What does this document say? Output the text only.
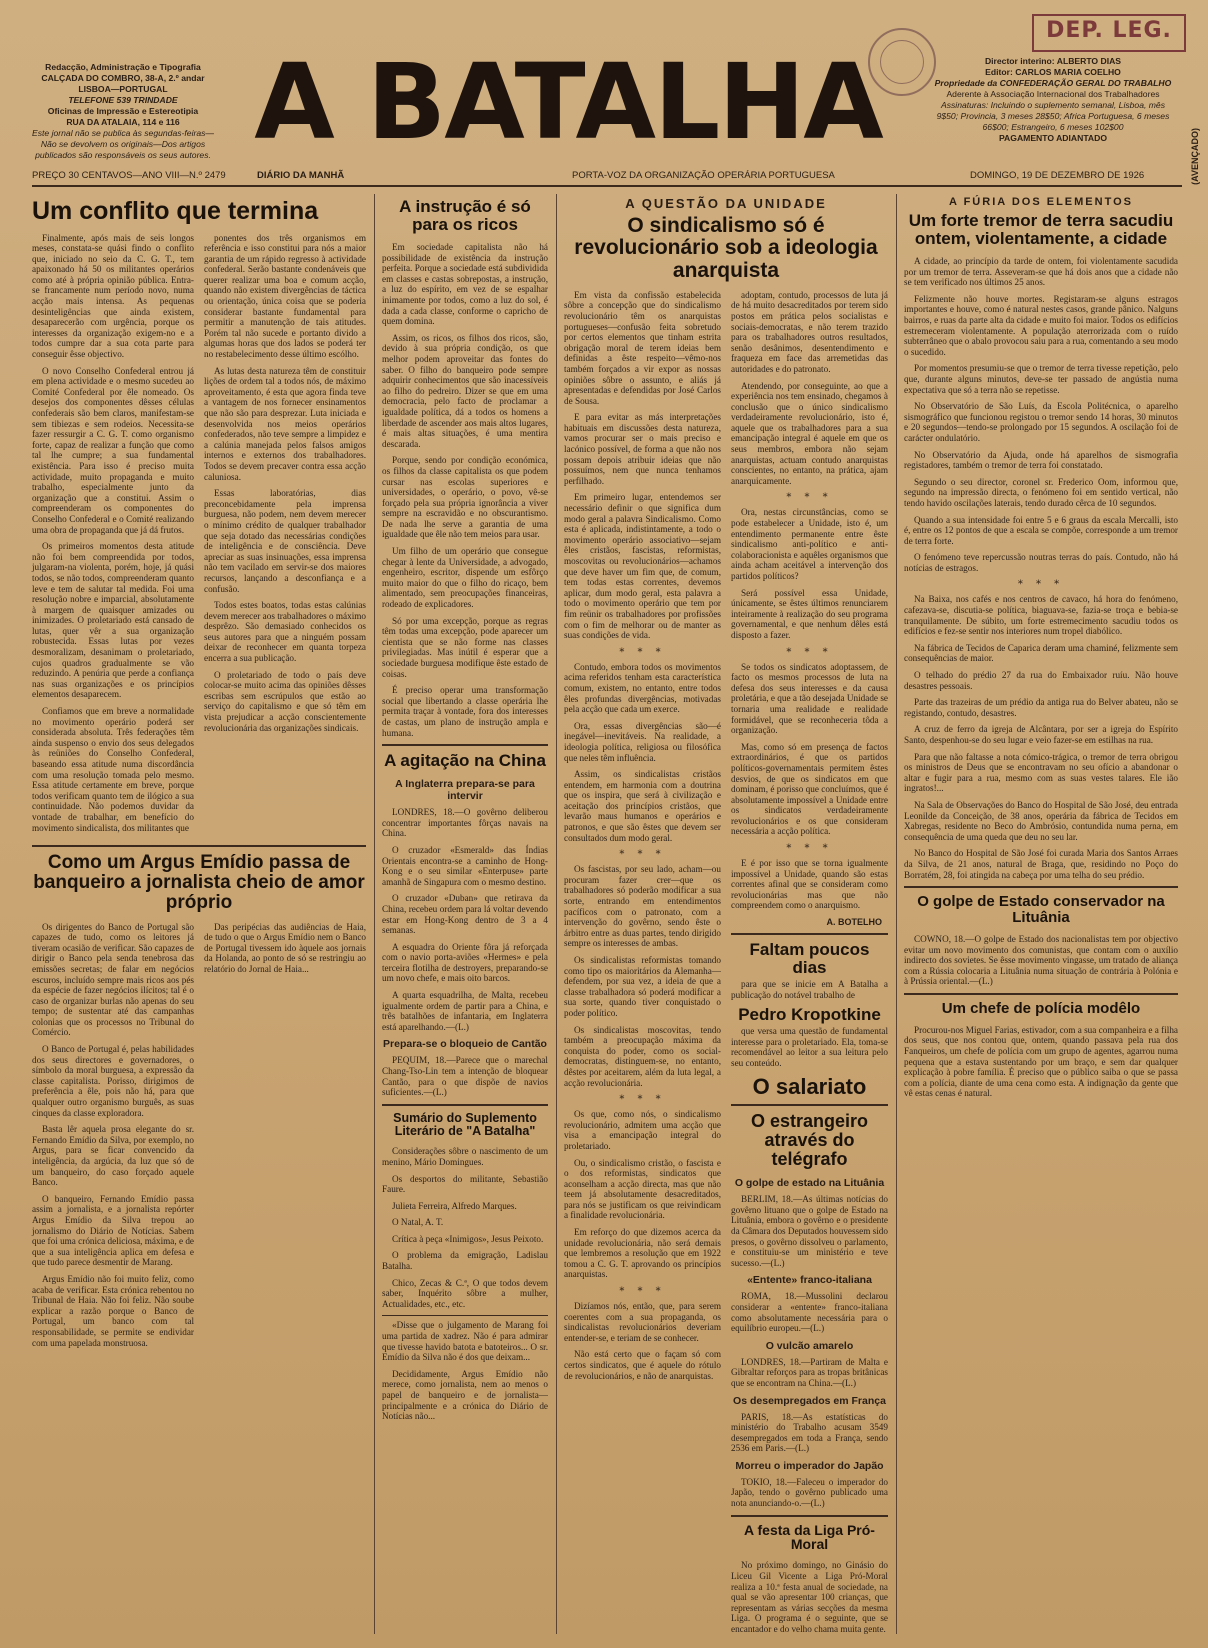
DEP. LEG.
Redacção, Administração e Tipografia
CALÇADA DO COMBRO, 38-A, 2.º andar
LISBOA—PORTUGAL
TELEFONE 539 TRINDADE
Oficinas de Impressão e Estereotipia
RUA DA ATALAIA, 114 e 116
Este jornal não se publica às segundas-feiras—Não se devolvem os originais—Dos artigos publicados são responsáveis os seus autores. A BATALHA	Director interino: ALBERTO DIAS
Editor: CARLOS MARIA COELHO
Propriedade da CONFEDERAÇÃO GERAL DO TRABALHO
Aderente à Associação Internacional dos Trabalhadores
Assinaturas: Incluindo o suplemento semanal, Lisboa, mês 9$50; Provincia, 3 meses 28$50; Africa Portuguesa, 6 meses 66$00; Estrangeiro, 6 meses 102$00
PAGAMENTO ADIANTADO	(AVENÇADO)
PREÇO 30 CENTAVOS—ANO VIII—N.º 2479	DIÁRIO DA MANHÃ	PORTA-VOZ DA ORGANIZAÇÃO OPERÁRIA PORTUGUESA	DOMINGO, 19 DE DEZEMBRO DE 1926
Um conflito que termina

Finalmente, após mais de seis longos meses, constata-se quási findo o conflito que, iniciado no seio da C. G. T., tem apaixonado há 50 os militantes operários como até à própria opinião pública. Entra-se francamente num período novo, numa acção mais intensa. As pequenas desinteligências que ainda existem, desaparecerão com urgência, porque os interesses da organização exigem-no e a todos cumpre dar a sua cota parte para conseguir êsse objectivo.

O novo Conselho Confederal entrou já em plena actividade e o mesmo sucedeu ao Comité Confederal por êle nomeado. Os desejos dos componentes dêsses células confederais são bem claros, manifestam-se sem tibiezas e sem rodeios. Necessita-se fazer ressurgir a C. G. T. como organismo forte, capaz de realizar a função que como tal lhe cumpre; a sua fundamental existência. Para isso é preciso muita actividade, muito propaganda e muito trabalho, especialmente junto da organização que a constitui. Assim o compreenderam os componentes do Conselho Confederal e o Comité realizando uma obra de propaganda que já dá frutos.

Os primeiros momentos desta atitude não foi bem compreendida por todos, julgaram-na violenta, porém, hoje, já quási todos, se não todos, compreenderam quanto leve e tem de salutar tal medida. Foi uma resolução nobre e imparcial, absolutamente à margem de quaisquer amizades ou inimizades. O proletariado está cansado de lutas, quer vêr a sua organização robustecida. Essas lutas por vezes desmoralizam, desanimam o proletariado, cujos quadros gradualmente se vão reduzindo. A penúria que perde a confiança nas suas organizações e os princípios elementos desaparecem.

Confiamos que em breve a normalidade no movimento operário poderá ser considerada absoluta. Três federações têm ainda suspenso o envio dos seus delegados às reüniões do Conselho Confederal, baseando essa atitude numa discordância com uma resolução tomada pelo mesmo. Essa atitude certamente em breve, porque todos verificam quanto tem de ilógico a sua continuidade. Não podemos duvidar da vontade de trabalhar, em benefício do movimento sindicalista, dos militantes que

ponentes dos três organismos em referência e isso constitui para nós a maior garantia de um rápido regresso à actividade confederal. Serão bastante condenáveis que querer realizar uma boa e comum acção, quando não existem divergências de táctica ou orientação, única coisa que se poderia considerar bastante fundamental para permitir a manutenção de tais atitudes. Porém tal não sucede e portanto divido a algumas horas que dos lados se poderá ter no restabelecimento desse último escólho.

As lutas desta natureza têm de constituir lições de ordem tal a todos nós, de máximo aproveitamento, é esta que agora finda teve a vantagem de nos fornecer ensinamentos que não são para desprezar. Luta iniciada e desenvolvida nos meios operários confederados, não teve sempre a limpidez e a calúnia manejada pelos falsos amigos internos e externos dos trabalhadores. Todos se devem precaver contra essa acção caluniosa.

Essas laboratórias, dias preconcebidamente pela imprensa burguesa, não podem, nem devem merecer o mínimo crédito de qualquer trabalhador que seja dotado das necessárias condições de inteligência e de consciência. Deve apreciar as suas insinuações, essa imprensa não tem vacilado em servir-se dos maiores recursos, lançando a desconfiança e a confusão.

Todos estes boatos, todas estas calúnias devem merecer aos trabalhadores o máximo desprêzo. São demasiado conhecidos os seus autores para que a ninguém possam deixar de reconhecer em quanta torpeza encerra a sua publicação.

O proletariado de todo o país deve colocar-se muito acima das opiniões dêsses escribas sem escrúpulos que estão ao serviço do capitalismo e que só têm em vista prejudicar a acção conscientemente revolucionária das organizações sindicais.

Como um Argus Emídio passa de banqueiro a jornalista cheio de amor próprio

Os dirigentes do Banco de Portugal são capazes de tudo, como os leitores já tiveram ocasião de verificar. São capazes de dirigir o Banco pela senda tenebrosa das emissões secretas; de falar em negócios escuros, incluído sempre mais ricos aos pés da espécie de fazer negócios ilícitos; tal é o caso de organizar burlas não apenas do seu tempo; de sustentar até das campanhas colonias que os processos no Tribunal do Comércio.

O Banco de Portugal é, pelas habilidades dos seus directores e governadores, o símbolo da moral burguesa, a expressão da classe capitalista. Porisso, dirigimos de preferência a êle, pois não há, para que qualquer outro organismo burguês, as suas cinques da classe exploradora.

Basta lêr aquela prosa elegante do sr. Fernando Emídio da Silva, por exemplo, no Argus, para se ficar convencido da inteligência, da argúcia, da luz que só de um banqueiro, do caso forçado aquele Banco.

O banqueiro, Fernando Emídio passa assim a jornalista, e a jornalista repórter Argus Emídio da Silva trepou ao jornalismo do Diário de Notícias. Sabem que foi uma crónica deliciosa, máxima, e de que a sua inteligência aplica em defesa e que tudo parece desmentir de Marang.

Argus Emídio não foi muito feliz, como acaba de verificar. Esta crónica rebentou no Tribunal de Haia. Não foi feliz. Não soube explicar a razão porque o Banco de Portugal, um banco com tal responsabilidade, se permite se endividar com uma papelada monstruosa.

Das peripécias das audiências de Haia, de tudo o que o Argus Emídio nem o Banco de Portugal tivessem ido àquele aos jornais da Holanda, ao ponto de só se restringiu ao relatório do Jornal de Haia...

A instrução é só para os ricos

Em sociedade capitalista não há possibilidade de existência da instrução perfeita. Porque a sociedade está subdividida em classes e castas sobrepostas, a instrução, a luz do espírito, em vez de se espalhar inimamente por todos, como a luz do sol, é dada a cada classe, conforme o capricho de quem domina.

Assim, os ricos, os filhos dos ricos, são, devido à sua própria condição, os que melhor podem aproveitar das fontes do saber. O filho do banqueiro pode sempre adquirir conhecimentos que são inacessíveis ao filho do pedreiro. Dizer se que em uma democracia, pelo facto de proclamar a igualdade política, dá a todos os homens a liberdade de ascender aos mais altos lugares, é mais altas situações, é uma mentira descarada.

Porque, sendo por condição económica, os filhos da classe capitalista os que podem cursar nas escolas superiores e universidades, o operário, o povo, vê-se forçado pela sua própria ignorância a viver sempre na escravidão e no obscurantismo. De nada lhe serve a garantia de uma igualdade que êle não tem meios para usar.

Um filho de um operário que consegue chegar à lente da Universidade, a advogado, engenheiro, escritor, dispende um esfôrço muito maior do que o filho do ricaço, bem alimentado, sem preocupações financeiras, rodeado de explicadores.

Só por uma excepção, porque as regras têm todas uma excepção, pode aparecer um cientista que se não forme nas classes privilegiadas. Mas inútil é esperar que a sociedade burguesa modifique êste estado de coisas.

É preciso operar uma transformação social que libertando a classe operária lhe permita traçar à vontade, fora dos interesses de castas, um plano de instrução ampla e humana.

A agitação na China
A Inglaterra prepara-se para intervir

LONDRES, 18.—O govêrno deliberou concentrar importantes fôrças navais na China.

O cruzador «Esmerald» das Índias Orientais encontra-se a caminho de Hong-Kong e o seu similar «Enterpuse» parte amanhã de Singapura com o mesmo destino.

O cruzador «Duban» que retirava da China, recebeu ordem para lá voltar devendo estar em Hong-Kong dentro de 3 a 4 semanas.

A esquadra do Oriente fôra já reforçada com o navio porta-aviões «Hermes» e pela terceira flotilha de destroyers, preparando-se um novo chefe, e mais oito barcos.

A quarta esquadrilha, de Malta, recebeu igualmente ordem de partir para a China, e três batalhões de infantaria, em Inglaterra está aparelhando.—(L.)

Prepara-se o bloqueio de Cantão

PEQUIM, 18.—Parece que o marechal Chang-Tso-Lin tem a intenção de bloquear Cantão, para o que dispõe de navios suficientes.—(L.)

Sumário do Suplemento Literário de "A Batalha"

Considerações sôbre o nascimento de um menino, Mário Domingues.

Os desportos do militante, Sebastião Faure.

Julieta Ferreira, Alfredo Marques.

O Natal, A. T.

Crítica à peça «Inimigos», Jesus Peixoto.

O problema da emigração, Ladislau Batalha.

Chico, Zecas & C.ª, O que todos devem saber, Inquérito sôbre a mulher, Actualidades, etc., etc.

«Disse que o julgamento de Marang foi uma partida de xadrez. Não é para admirar que tivesse havido batota e batoteiros... O sr. Emídio da Silva não é dos que deixam...

Decididamente, Argus Emídio não merece, como jornalista, nem ao menos o papel de banqueiro e de jornalista—principalmente e a crónica do Diário de Notícias não...

A QUESTÃO DA UNIDADE
O sindicalismo só é revolucionário sob a ideologia anarquista

Em vista da confissão estabelecida sôbre a concepção que do sindicalismo revolucionário têm os anarquistas portugueses—confusão feita sobretudo por certos elementos que tinham estrita obrigação moral de terem ideias bem definidas a êste respeito—vêmo-nos também forçados a vir expor as nossas opiniões sôbre o assunto, e aliás já apresentadas e defendidas por José Carlos de Sousa.

E para evitar as más interpretações habituais em discussões desta natureza, vamos procurar ser o mais preciso e lacónico possível, de forma a que não nos possam depois atribuir ideias que não possuímos, nem que nunca tenhamos perfilhado.

Em primeiro lugar, entendemos ser necessário definir o que significa dum modo geral a palavra Sindicalismo. Como esta é aplicada, indistintamente, a todo o movimento operário associativo—sejam êles cristãos, fascistas, reformistas, moscovitas ou revolucionários—achamos que deve haver um fim que, de comum, tem todas estas correntes, devemos aplicar, dum modo geral, esta palavra a todo o movimento operário que tem por fim reünir os trabalhadores por profissões com o fim de melhorar ou de manter as suas condições de vida.

* * *

Contudo, embora todos os movimentos acima referidos tenham esta característica comum, existem, no entanto, entre todos êles profundas divergências, motivadas pela acção que cada um exerce.

Ora, essas divergências são—é inegável—inevitáveis. Na realidade, a ideologia política, religiosa ou filosófica que neles têm influência.

Assim, os sindicalistas cristãos entendem, em harmonia com a doutrina que os inspira, que será à civilização e aceitação dos princípios cristãos, que levarão maus humanos e operários e patronos, e que são êstes que devem ser consultados dum modo geral.

* * *

Os fascistas, por seu lado, acham—ou procuram fazer crer—que os trabalhadores só poderão modificar a sua sorte, entrando em entendimentos pacíficos com o patronato, com a intervenção do govêrno, sendo êste o árbitro entre as duas partes, tendo dirigido sempre os interesses de ambas.

Os sindicalistas reformistas tomando como tipo os maioritários da Alemanha—defendem, por sua vez, a ideia de que a classe trabalhadora só poderá modificar a sua sorte, quando tiver conquistado o poder político.

Os sindicalistas moscovitas, tendo também a preocupação máxima da conquista do poder, como os social-democratas, distinguem-se, no entanto, dêstes por aceitarem, além da luta legal, a acção revolucionária.

* * *

Os que, como nós, o sindicalismo revolucionário, admitem uma acção que visa a emancipação integral do proletariado.

Ou, o sindicalismo cristão, o fascista e o dos reformistas, sindicatos que aconselham a acção directa, mas que não teem já absolutamente desacreditados, para nós se justificam os que reivindicam a finalidade revolucionária.

Em reforço do que dizemos acerca da unidade revolucionária, não será demais que lembremos a resolução que em 1922 tomou a C. G. T. aprovando os princípios anarquistas.

* * *

Dizíamos nós, então, que, para serem coerentes com a sua propaganda, os sindicalistas revolucionários deveriam entender-se, e teriam de se conhecer.

Não está certo que o façam só com certos sindicatos, que é aquele do rótulo de revolucionários, e não de anarquistas.

adoptam, contudo, processos de luta já de há muito desacreditados por terem sido postos em prática pelos socialistas e sociais-democratas, e não terem trazido para os trabalhadores outros resultados, senão desânimos, desentendimento e fraqueza em face das arremetidas das autoridades e do patronato.

Atendendo, por conseguinte, ao que a experiência nos tem ensinado, chegamos à conclusão que o único sindicalismo verdadeiramente revolucionário, isto é, aquele que os trabalhadores para a sua emancipação integral é aquele em que os seus membros, embora não sejam anarquistas, actuam contudo anarquistas conscientes, no entanto, na prática, ajam anarquicamente.

* * *

Ora, nestas circunstâncias, como se pode estabelecer a Unidade, isto é, um entendimento permanente entre êste sindicalismo anti-político e anti-colaboracionista e aquêles organismos que ainda acham aceitável a intervenção dos partidos políticos?

Será possível essa Unidade, únicamente, se êstes últimos renunciarem inteiramente à realização do seu programa governamental, e que nenhum dêles está disposto a fazer.

* * *

Se todos os sindicatos adoptassem, de facto os mesmos processos de luta na defesa dos seus interesses e da causa proletária, e que a tão desejada Unidade se tornaria uma realidade e realidade formidável, que se reconheceria tôda a organização.

Mas, como só em presença de factos extraordinários, é que os partidos políticos-governamentais permitem êstes desvios, de que os sindicatos em que dominam, é porisso que concluímos, que é absolutamente impossível a Unidade entre os sindicatos verdadeiramente revolucionários e os que consideram necessária a acção política.

* * *

E é por isso que se torna igualmente impossível a Unidade, quando são estas correntes afinal que se consideram como revolucionárias mas que não compreendem como o anarquismo.

A. BOTELHO
Faltam poucos dias
para que se inicie em A Batalha a publicação do notável trabalho de
Pedro Kropotkine
que versa uma questão de fundamental interesse para o proletariado. Ela, toma-se recomendável ao leitor a sua leitura pelo seu conteúdo.
O salariato
O estrangeiro através do telégrafo
O golpe de estado na Lituânia

BERLIM, 18.—As últimas notícias do govêrno lituano que o golpe de Estado na Lituânia, embora o govêrno e o presidente da Câmara dos Deputados houvessem sido presos, o govêrno dissolveu o parlamento, e constituiu-se um ministério e teve sucesso.—(L.)

«Entente» franco-italiana

ROMA, 18.—Mussolini declarou considerar a «entente» franco-italiana como absolutamente necessária para o equilíbrio europeu.—(L.)

O vulcão amarelo

LONDRES, 18.—Partiram de Malta e Gibraltar reforços para as tropas britânicas que se encontram na China.—(L.)

Os desempregados em França

PARIS, 18.—As estatísticas do ministério do Trabalho acusam 3549 desempregados em toda a França, sendo 2536 em Paris.—(L.)

Morreu o imperador do Japão

TOKIO, 18.—Faleceu o imperador do Japão, tendo o govêrno publicado uma nota anunciando-o.—(L.)

A festa da Liga Pró-Moral
No próximo domingo, no Ginásio do Liceu Gil Vicente a Liga Pró-Moral realiza a 10.ª festa anual de sociedade, na qual se vão apresentar 100 crianças, que representam as várias secções da mesma Liga. O programa é o seguinte, que se encantador e do velho chama muita gente.
A FÚRIA DOS ELEMENTOS
Um forte tremor de terra sacudiu ontem, violentamente, a cidade

A cidade, ao princípio da tarde de ontem, foi violentamente sacudida por um tremor de terra. Asseveram-se que há dois anos que a cidade não se tem verificado nos últimos 25 anos.

Felizmente não houve mortes. Registaram-se alguns estragos importantes e houve, como é natural nestes casos, grande pânico. Nalguns bairros, e ruas da parte alta da cidade e muito foi maior. Todos os edifícios estremeceram violentamente. A população aterrorizada com o ruído subterrâneo que o abalo provocou saiu para a rua, comentando a seu modo o sucedido.

Por momentos presumiu-se que o tremor de terra tivesse repetição, pelo que, durante alguns minutos, deve-se ter passado de angústia numa expectativa que só a terra não se repetisse.

No Observatório de São Luís, da Escola Politécnica, o aparelho sismográfico que funcionou registou o tremor sendo 14 horas, 30 minutos e 20 segundos—tendo-se prolongado por 15 segundos. A oscilação foi de carácter ondulatório.

No Observatório da Ajuda, onde há aparelhos de sismografia registadores, também o tremor de terra foi constatado.

Segundo o seu director, coronel sr. Frederico Oom, informou que, segundo na impressão directa, o fenómeno foi em sentido vertical, não tendo havido oscilações laterais, tendo durado cêrca de 10 segundos.

Quando a sua intensidade foi entre 5 e 6 graus da escala Mercalli, isto é, entre os 12 pontos de que a escala se compõe, corresponde a um tremor de terra forte.

O fenómeno teve repercussão noutras terras do país. Contudo, não há notícias de estragos.

* * *

Na Baixa, nos cafés e nos centros de cavaco, há hora do fenómeno, cafezava-se, discutia-se política, biaguava-se, fazia-se troça e bebia-se tranquilamente. De súbito, um forte estremecimento sacudiu todos os edifícios e fez-se sentir nos interiores num tropel diabólico.

Na fábrica de Tecidos de Caparica deram uma chaminé, felizmente sem consequências de maior.

O telhado do prédio 27 da rua do Embaixador ruíu. Não houve desastres pessoais.

Parte das trazeiras de um prédio da antiga rua do Belver abateu, não se registando, contudo, desastres.

A cruz de ferro da igreja de Alcântara, por ser a igreja do Espírito Santo, despenhou-se do seu lugar e veio fazer-se em estilhas na rua.

Para que não faltasse a nota cómico-trágica, o tremor de terra obrigou os ministros de Deus que se encontravam no seu ofício a abandonar o altar e fugir para a rua, mesmo com as suas vestes talares. Ele ião ingratos!...

Na Sala de Observações do Banco do Hospital de São José, deu entrada Leonilde da Conceição, de 38 anos, operária da fábrica de Tecidos em Xabregas, residente no Beco do Ambrósio, contundida numa perna, em consequência de uma queda que deu no seu lar.

No Banco do Hospital de São José foi curada Maria dos Santos Arraes da Silva, de 21 anos, natural de Braga, que, residindo no Poço do Borratém, 28, foi atingida na cabeça por uma telha do seu prédio.

O golpe de Estado conservador na Lituânia
COWNO, 18.—O golpe de Estado dos nacionalistas tem por objectivo evitar um novo movimento dos comunistas, que contam com o auxílio indirecto dos sovietes. Se êsse movimento vingasse, um tratado de aliança com a Rússia colocaria a Lituânia numa situação de contrária à Polónia e à Prússia oriental.—(L.)
Um chefe de polícia modêlo
Procurou-nos Miguel Farias, estivador, com a sua companheira e a filha dos seus, que nos contou que, ontem, quando passava pela rua dos Fanqueiros, um chefe de polícia com um grupo de agentes, agarrou numa pequena que a estava sustentando por um braço, e sem dar qualquer explicação à pobre família. É preciso que o público saiba o que se passa com a polícia, diante de uma cena como esta. A indignação da gente que vê estas cenas é natural.
